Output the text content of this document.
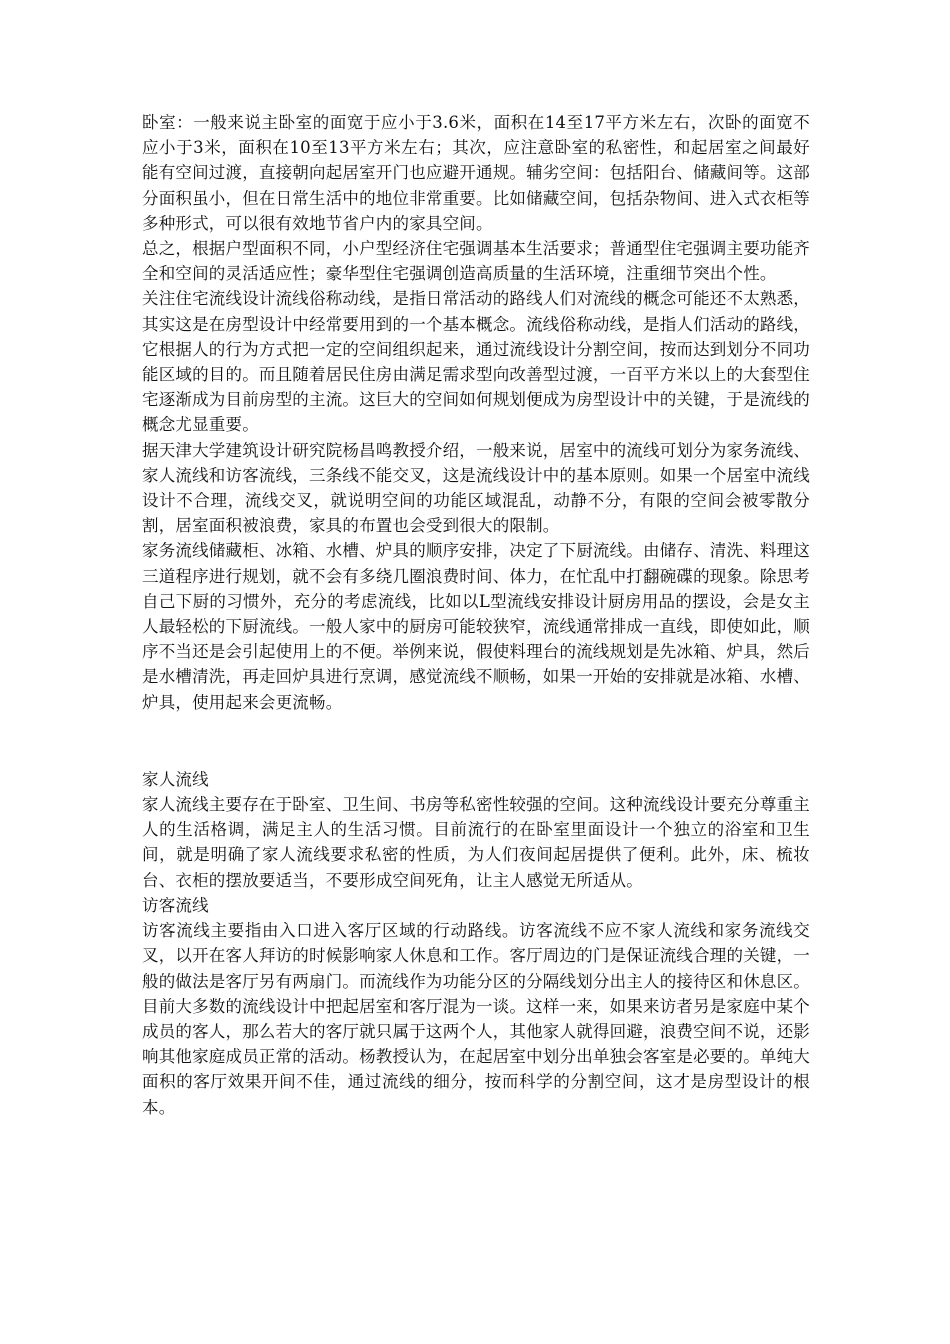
卧室：一般来说主卧室的面宽于应小于3.6米，面积在14至17平方米左右，次卧的面宽不应小于3米，面积在10至13平方米左右；其次，应注意卧室的私密性，和起居室之间最好能有空间过渡，直接朝向起居室开门也应避开通规。辅劣空间：包括阳台、储藏间等。这部分面积虽小，但在日常生活中的地位非常重要。比如储藏空间，包括杂物间、进入式衣柜等多种形式，可以很有效地节省户内的家具空间。

总之，根据户型面积不同，小户型经济住宅强调基本生活要求；普通型住宅强调主要功能齐全和空间的灵活适应性；豪华型住宅强调创造高质量的生活环境，注重细节突出个性。

关注住宅流线设计流线俗称动线，是指日常活动的路线人们对流线的概念可能还不太熟悉，其实这是在房型设计中经常要用到的一个基本概念。流线俗称动线，是指人们活动的路线，它根据人的行为方式把一定的空间组织起来，通过流线设计分割空间，按而达到划分不同功能区域的目的。而且随着居民住房由满足需求型向改善型过渡，一百平方米以上的大套型住宅逐渐成为目前房型的主流。这巨大的空间如何规划便成为房型设计中的关键，于是流线的概念尤显重要。

据天津大学建筑设计研究院杨昌鸣教授介绍，一般来说，居室中的流线可划分为家务流线、家人流线和访客流线，三条线不能交叉，这是流线设计中的基本原则。如果一个居室中流线设计不合理，流线交叉，就说明空间的功能区域混乱，动静不分，有限的空间会被零散分割，居室面积被浪费，家具的布置也会受到很大的限制。

家务流线储藏柜、冰箱、水槽、炉具的顺序安排，决定了下厨流线。由储存、清洗、料理这三道程序进行规划，就不会有多绕几圈浪费时间、体力，在忙乱中打翻碗碟的现象。除思考自己下厨的习惯外，充分的考虑流线，比如以L型流线安排设计厨房用品的摆设，会是女主人最轻松的下厨流线。一般人家中的厨房可能较狭窄，流线通常排成一直线，即使如此，顺序不当还是会引起使用上的不便。举例来说，假使料理台的流线规划是先冰箱、炉具，然后是水槽清洗，再走回炉具进行烹调，感觉流线不顺畅，如果一开始的安排就是冰箱、水槽、炉具，使用起来会更流畅。

家人流线

家人流线主要存在于卧室、卫生间、书房等私密性较强的空间。这种流线设计要充分尊重主人的生活格调，满足主人的生活习惯。目前流行的在卧室里面设计一个独立的浴室和卫生间，就是明确了家人流线要求私密的性质，为人们夜间起居提供了便利。此外，床、梳妆台、衣柜的摆放要适当，不要形成空间死角，让主人感觉无所适从。

访客流线

访客流线主要指由入口进入客厅区域的行动路线。访客流线不应不家人流线和家务流线交叉，以开在客人拜访的时候影响家人休息和工作。客厅周边的门是保证流线合理的关键，一般的做法是客厅另有两扇门。而流线作为功能分区的分隔线划分出主人的接待区和休息区。目前大多数的流线设计中把起居室和客厅混为一谈。这样一来，如果来访者另是家庭中某个成员的客人，那么若大的客厅就只属于这两个人，其他家人就得回避，浪费空间不说，还影响其他家庭成员正常的活动。杨教授认为，在起居室中划分出单独会客室是必要的。单纯大面积的客厅效果开间不佳，通过流线的细分，按而科学的分割空间，这才是房型设计的根本。
